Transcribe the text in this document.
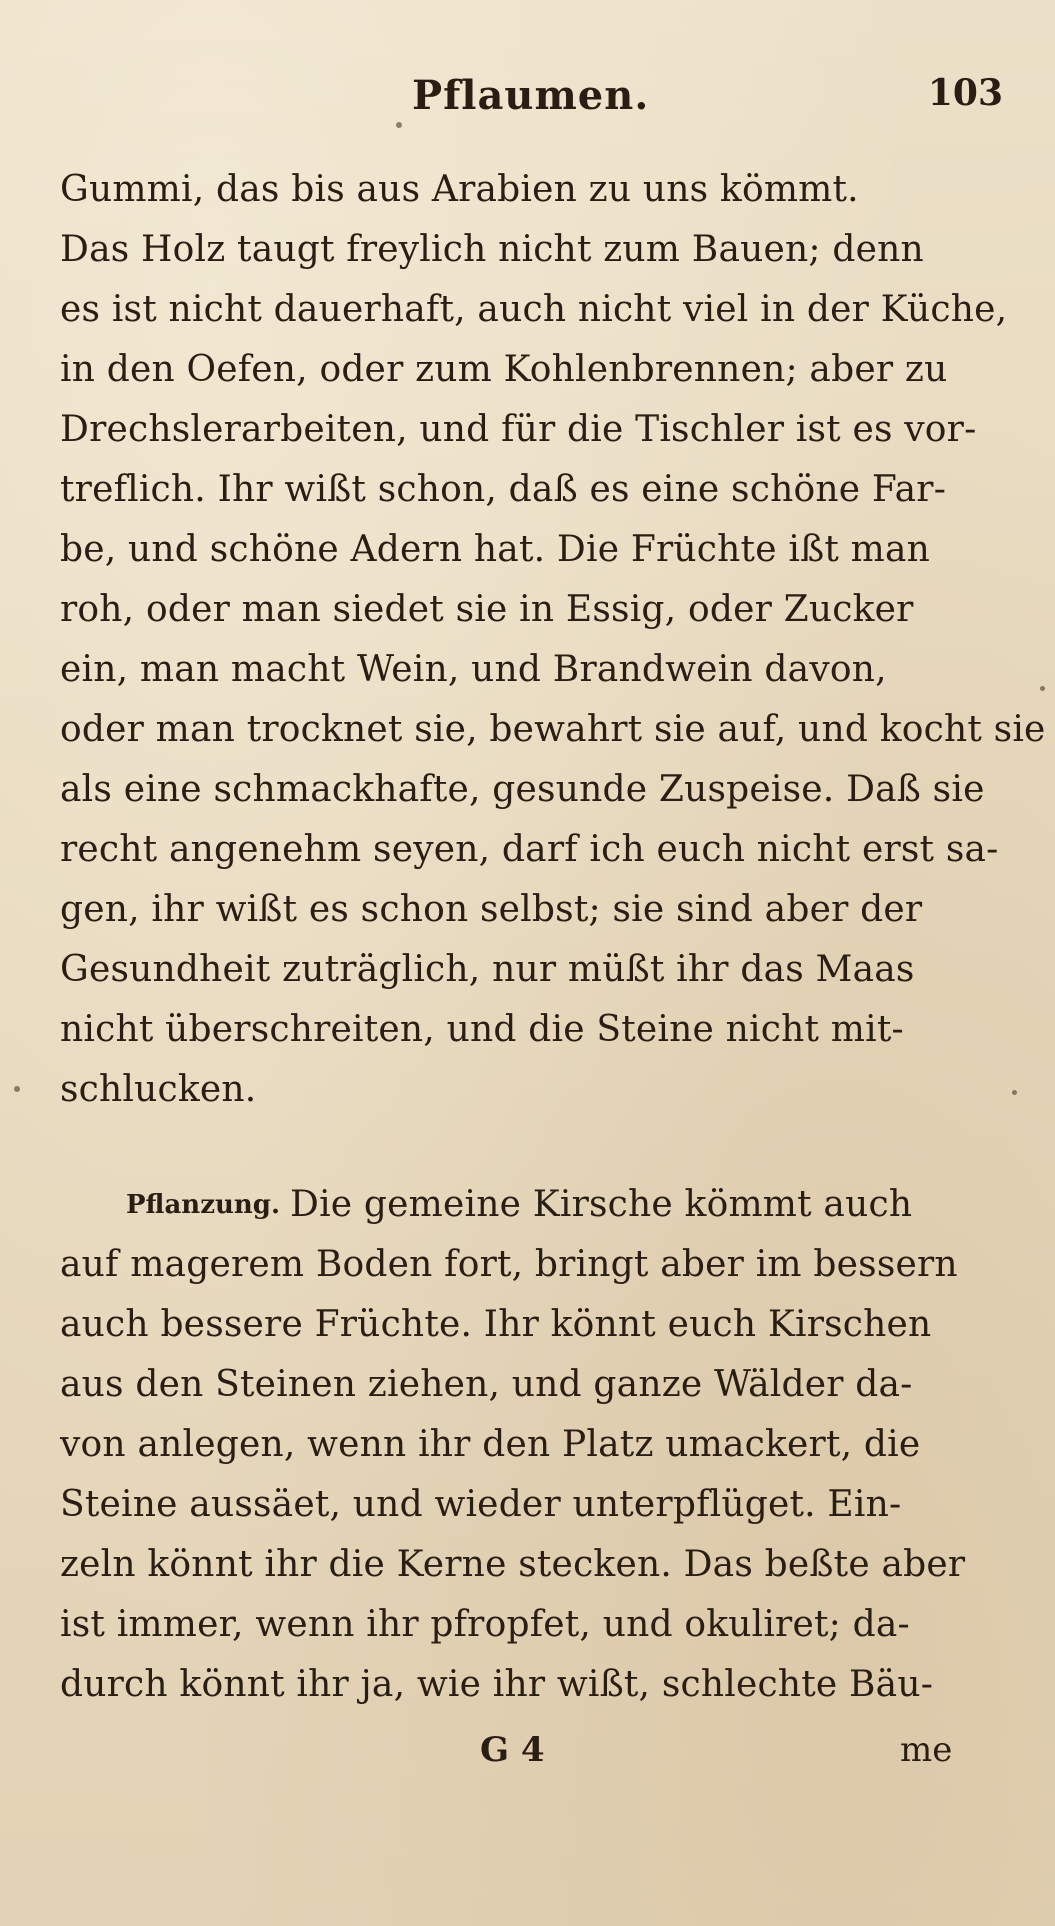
Pflaumen.	103
Gummi, das bis aus Arabien zu uns kömmt.
Das Holz taugt freylich nicht zum Bauen; denn
es ist nicht dauerhaft, auch nicht viel in der Küche,
in den Oefen, oder zum Kohlenbrennen; aber zu
Drechslerarbeiten, und für die Tischler ist es vor-
treflich. Ihr wißt schon, daß es eine schöne Far-
be, und schöne Adern hat. Die Früchte ißt man
roh, oder man siedet sie in Essig, oder Zucker
ein, man macht Wein, und Brandwein davon,
oder man trocknet sie, bewahrt sie auf, und kocht sie
als eine schmackhafte, gesunde Zuspeise. Daß sie
recht angenehm seyen, darf ich euch nicht erst sa-
gen, ihr wißt es schon selbst; sie sind aber der
Gesundheit zuträglich, nur müßt ihr das Maas
nicht überschreiten, und die Steine nicht mit-
schlucken.
Pflanzung. Die gemeine Kirsche kömmt auch
auf magerem Boden fort, bringt aber im bessern
auch bessere Früchte. Ihr könnt euch Kirschen
aus den Steinen ziehen, und ganze Wälder da-
von anlegen, wenn ihr den Platz umackert, die
Steine aussäet, und wieder unterpflüget. Ein-
zeln könnt ihr die Kerne stecken. Das beßte aber
ist immer, wenn ihr pfropfet, und okuliret; da-
durch könnt ihr ja, wie ihr wißt, schlechte Bäu-
G 4	me
